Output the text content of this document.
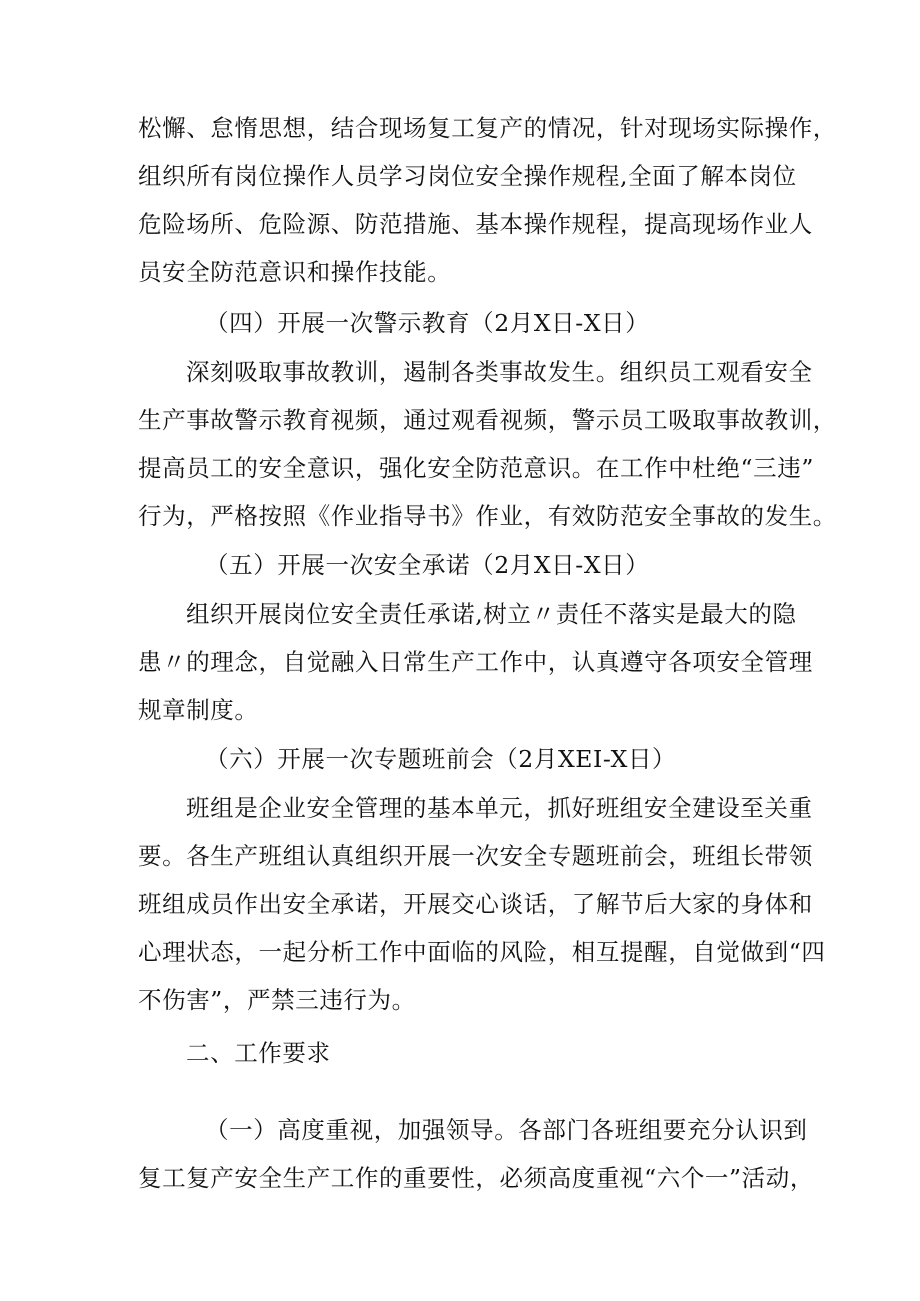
松懈、怠惰思想，结合现场复工复产的情况，针对现场实际操作，
组织所有岗位操作人员学习岗位安全操作规程,全面了解本岗位
危险场所、危险源、防范措施、基本操作规程，提高现场作业人
员安全防范意识和操作技能。
（四）开展一次警示教育（2月X日-X日）
深刻吸取事故教训，遏制各类事故发生。组织员工观看安全
生产事故警示教育视频，通过观看视频，警示员工吸取事故教训，
提高员工的安全意识，强化安全防范意识。在工作中杜绝“三违”
行为，严格按照《作业指导书》作业，有效防范安全事故的发生。
（五）开展一次安全承诺（2月X日-X日）
组织开展岗位安全责任承诺,树立〃责任不落实是最大的隐
患〃的理念，自觉融入日常生产工作中，认真遵守各项安全管理
规章制度。
（六）开展一次专题班前会（2月XEI-X日）
班组是企业安全管理的基本单元，抓好班组安全建设至关重
要。各生产班组认真组织开展一次安全专题班前会，班组长带领
班组成员作出安全承诺，开展交心谈话，了解节后大家的身体和
心理状态，一起分析工作中面临的风险，相互提醒，自觉做到“四
不伤害”，严禁三违行为。
二、工作要求
（一）高度重视，加强领导。各部门各班组要充分认识到
复工复产安全生产工作的重要性，必须高度重视“六个一”活动，
